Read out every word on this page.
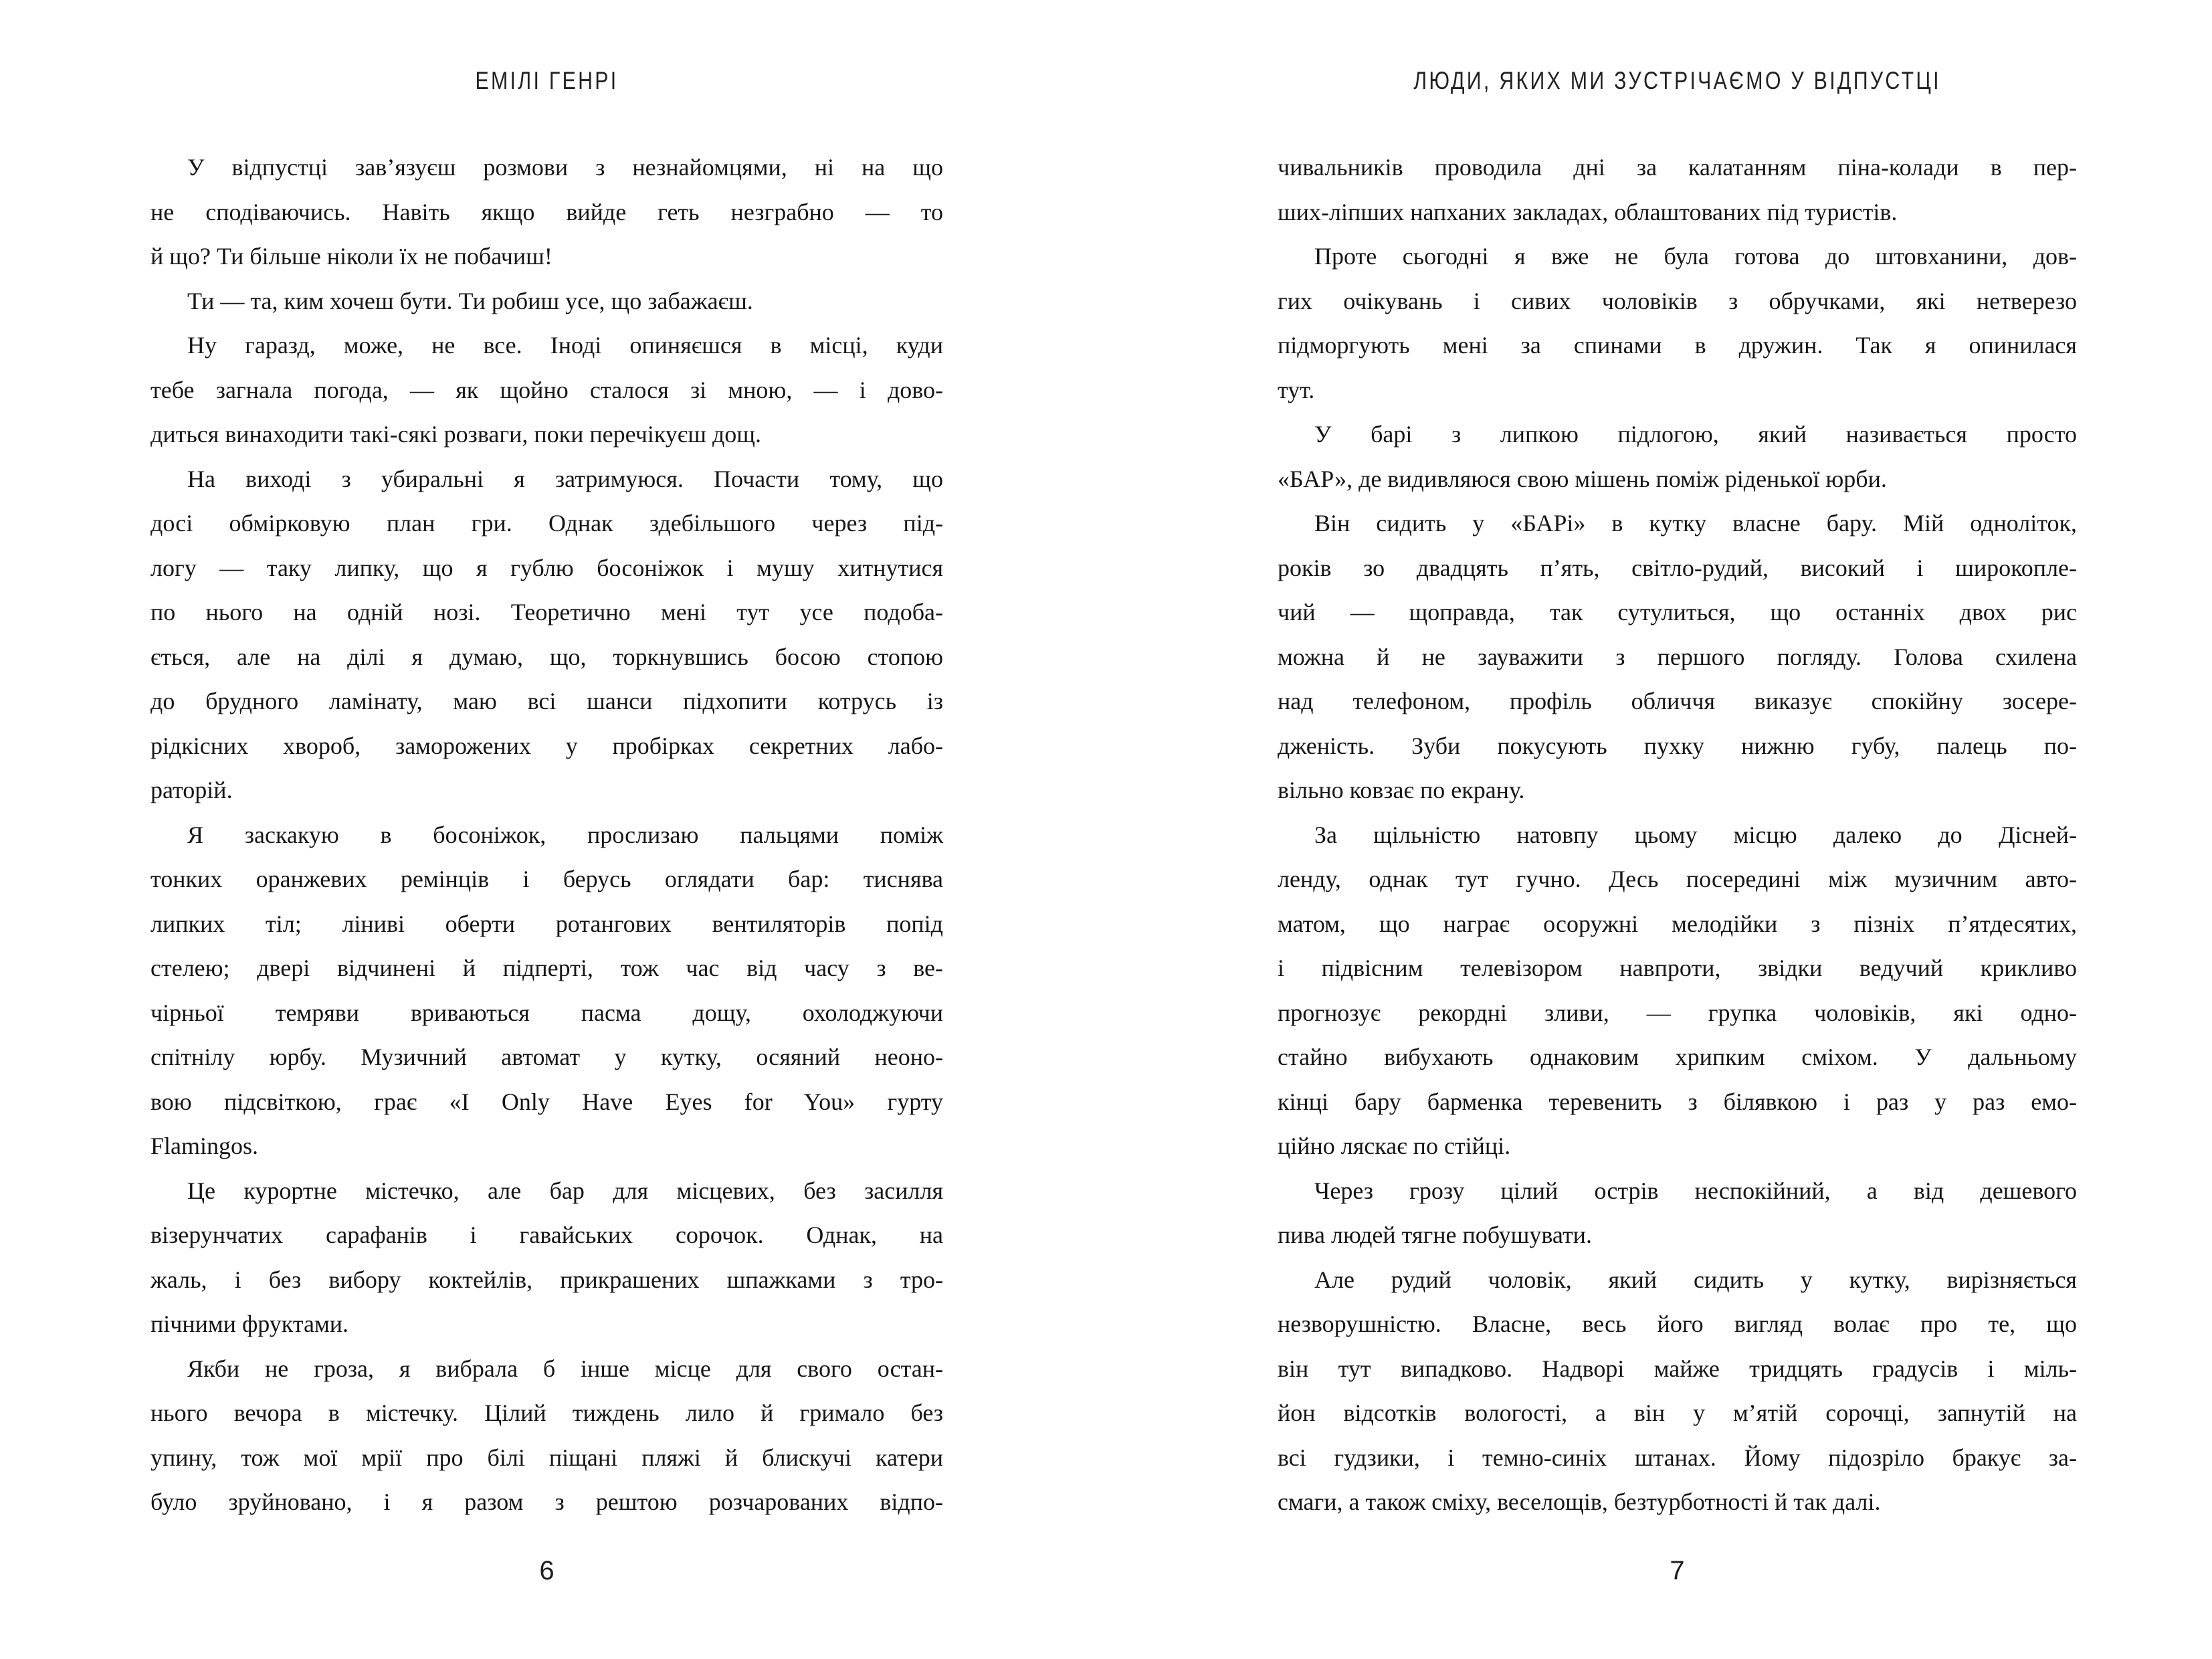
ЕМІЛІ ГЕНРІ
У відпустці зав’язуєш розмови з незнайомцями, ні на що
не сподіваючись. Навіть якщо вийде геть незграбно — то
й що? Ти більше ніколи їх не побачиш!
Ти — та, ким хочеш бути. Ти робиш усе, що забажаєш.
Ну гаразд, може, не все. Іноді опиняєшся в місці, куди
тебе загнала погода, — як щойно сталося зі мною, — і дово-
диться винаходити такі-сякі розваги, поки перечікуєш дощ.
На виході з убиральні я затримуюся. Почасти тому, що
досі обмірковую план гри. Однак здебільшого через під-
логу — таку липку, що я гублю босоніжок і мушу хитнутися
по нього на одній нозі. Теоретично мені тут усе подоба-
ється, але на ділі я думаю, що, торкнувшись босою стопою
до брудного ламінату, маю всі шанси підхопити котрусь із
рідкісних хвороб, заморожених у пробірках секретних лабо-
раторій.
Я заскакую в босоніжок, прослизаю пальцями поміж
тонких оранжевих ремінців і берусь оглядати бар: тиснява
липких тіл; ліниві оберти ротангових вентиляторів попід
стелею; двері відчинені й підперті, тож час від часу з ве-
чірньої темряви вриваються пасма дощу, охолоджуючи
спітнілу юрбу. Музичний автомат у кутку, осяяний неоно-
вою підсвіткою, грає «I Only Have Eyes for You» гурту
Flamingos.
Це курортне містечко, але бар для місцевих, без засилля
візерунчатих сарафанів і гавайських сорочок. Однак, на
жаль, і без вибору коктейлів, прикрашених шпажками з тро-
пічними фруктами.
Якби не гроза, я вибрала б інше місце для свого остан-
нього вечора в містечку. Цілий тиждень лило й гримало без
упину, тож мої мрії про білі піщані пляжі й блискучі катери
було зруйновано, і я разом з рештою розчарованих відпо-
6
ЛЮДИ, ЯКИХ МИ ЗУСТРІЧАЄМО У ВІДПУСТЦІ
чивальників проводила дні за калатанням піна-колади в пер-
ших-ліпших напханих закладах, облаштованих під туристів.
Проте сьогодні я вже не була готова до штовханини, дов-
гих очікувань і сивих чоловіків з обручками, які нетверезо
підморгують мені за спинами в дружин. Так я опинилася
тут.
У барі з липкою підлогою, який називається просто
«БАР», де видивляюся свою мішень поміж ріденької юрби.
Він сидить у «БАРі» в кутку власне бару. Мій одноліток,
років зо двадцять п’ять, світло-рудий, високий і широкопле-
чий — щоправда, так сутулиться, що останніх двох рис
можна й не зауважити з першого погляду. Голова схилена
над телефоном, профіль обличчя виказує спокійну зосере-
дженість. Зуби покусують пухку нижню губу, палець по-
вільно ковзає по екрану.
За щільністю натовпу цьому місцю далеко до Дісней-
ленду, однак тут гучно. Десь посередині між музичним авто-
матом, що награє осоружні мелодійки з пізніх п’ятдесятих,
і підвісним телевізором навпроти, звідки ведучий крикливо
прогнозує рекордні зливи, — групка чоловіків, які одно-
стайно вибухають однаковим хрипким сміхом. У дальньому
кінці бару барменка теревенить з білявкою і раз у раз емо-
ційно ляскає по стійці.
Через грозу цілий острів неспокійний, а від дешевого
пива людей тягне побушувати.
Але рудий чоловік, який сидить у кутку, вирізняється
незворушністю. Власне, весь його вигляд волає про те, що
він тут випадково. Надворі майже тридцять градусів і міль-
йон відсотків вологості, а він у м’ятій сорочці, запнутій на
всі гудзики, і темно-синіх штанах. Йому підозріло бракує за-
смаги, а також сміху, веселощів, безтурботності й так далі.
7
